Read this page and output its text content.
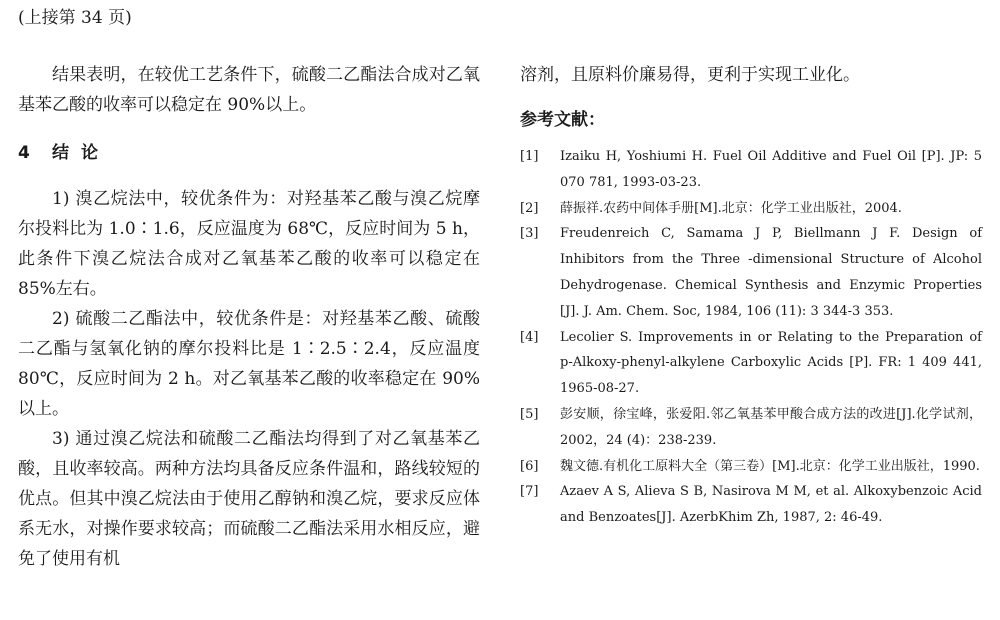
(上接第 34 页)

结果表明，在较优工艺条件下，硫酸二乙酯法合成对乙氧基苯乙酸的收率可以稳定在 90%以上。

4 结论

1) 溴乙烷法中，较优条件为：对羟基苯乙酸与溴乙烷摩尔投料比为 1.0∶1.6，反应温度为 68℃，反应时间为 5 h，此条件下溴乙烷法合成对乙氧基苯乙酸的收率可以稳定在 85%左右。

2) 硫酸二乙酯法中，较优条件是：对羟基苯乙酸、硫酸二乙酯与氢氧化钠的摩尔投料比是 1∶2.5∶2.4，反应温度 80℃，反应时间为 2 h。对乙氧基苯乙酸的收率稳定在 90%以上。

3) 通过溴乙烷法和硫酸二乙酯法均得到了对乙氧基苯乙酸，且收率较高。两种方法均具备反应条件温和，路线较短的优点。但其中溴乙烷法由于使用乙醇钠和溴乙烷，要求反应体系无水，对操作要求较高；而硫酸二乙酯法采用水相反应，避免了使用有机

溶剂，且原料价廉易得，更利于实现工业化。

参考文献：
[1]	Izaiku H, Yoshiumi H. Fuel Oil Additive and Fuel Oil [P]. JP: 5 070 781, 1993-03-23.
[2]	薛振祥.农药中间体手册[M].北京：化学工业出版社，2004.
[3]	Freudenreich C, Samama J P, Biellmann J F. Design of Inhibitors from the Three -dimensional Structure of Alcohol Dehydrogenase. Chemical Synthesis and Enzymic Properties [J]. J. Am. Chem. Soc, 1984, 106 (11): 3 344-3 353.
[4]	Lecolier S. Improvements in or Relating to the Preparation of p-Alkoxy-phenyl-alkylene Carboxylic Acids [P]. FR: 1 409 441, 1965-08-27.
[5]	彭安顺，徐宝峰，张爱阳.邻乙氧基苯甲酸合成方法的改进[J].化学试剂，2002，24 (4)：238-239.
[6]	魏文德.有机化工原料大全（第三卷）[M].北京：化学工业出版社，1990.
[7]	Azaev A S, Alieva S B, Nasirova M M, et al. Alkoxybenzoic Acid and Benzoates[J]. AzerbKhim Zh, 1987, 2: 46-49.
